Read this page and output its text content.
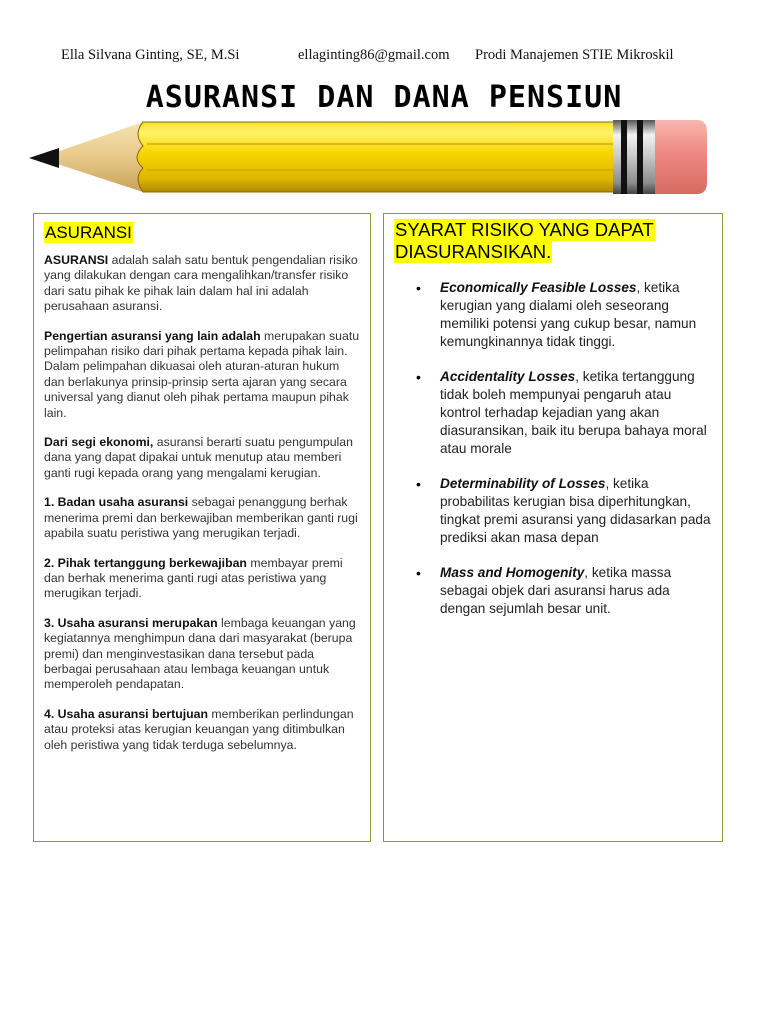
Ella Silvana Ginting, SE, M.Si	ellaginting86@gmail.com Prodi Manajemen STIE Mikroskil
ASURANSI DAN DANA PENSIUN
ASURANSI

ASURANSI adalah salah satu bentuk pengendalian risiko yang dilakukan dengan cara mengalihkan/transfer risiko dari satu pihak ke pihak lain dalam hal ini adalah perusahaan asuransi.

Pengertian asuransi yang lain adalah merupakan suatu pelimpahan risiko dari pihak pertama kepada pihak lain. Dalam pelimpahan dikuasai oleh aturan-aturan hukum dan berlakunya prinsip-prinsip serta ajaran yang secara universal yang dianut oleh pihak pertama maupun pihak lain.

Dari segi ekonomi, asuransi berarti suatu pengumpulan dana yang dapat dipakai untuk menutup atau memberi ganti rugi kepada orang yang mengalami kerugian.

1. Badan usaha asuransi sebagai penanggung berhak menerima premi dan berkewajiban memberikan ganti rugi apabila suatu peristiwa yang merugikan terjadi.

2. Pihak tertanggung berkewajiban membayar premi dan berhak menerima ganti rugi atas peristiwa yang merugikan terjadi.

3. Usaha asuransi merupakan lembaga keuangan yang kegiatannya menghimpun dana dari masyarakat (berupa premi) dan menginvestasikan dana tersebut pada berbagai perusahaan atau lembaga keuangan untuk memperoleh pendapatan.

4. Usaha asuransi bertujuan memberikan perlindungan atau proteksi atas kerugian keuangan yang ditimbulkan oleh peristiwa yang tidak terduga sebelumnya.

SYARAT RISIKO YANG DAPAT
DIASURANSIKAN.
• Economically Feasible Losses, ketika kerugian yang dialami oleh seseorang memiliki potensi yang cukup besar, namun kemungkinannya tidak tinggi.
• Accidentality Losses, ketika tertanggung tidak boleh mempunyai pengaruh atau kontrol terhadap kejadian yang akan diasuransikan, baik itu berupa bahaya moral atau morale
• Determinability of Losses, ketika probabilitas kerugian bisa diperhitungkan, tingkat premi asuransi yang didasarkan pada prediksi akan masa depan
• Mass and Homogenity, ketika massa sebagai objek dari asuransi harus ada dengan sejumlah besar unit.
